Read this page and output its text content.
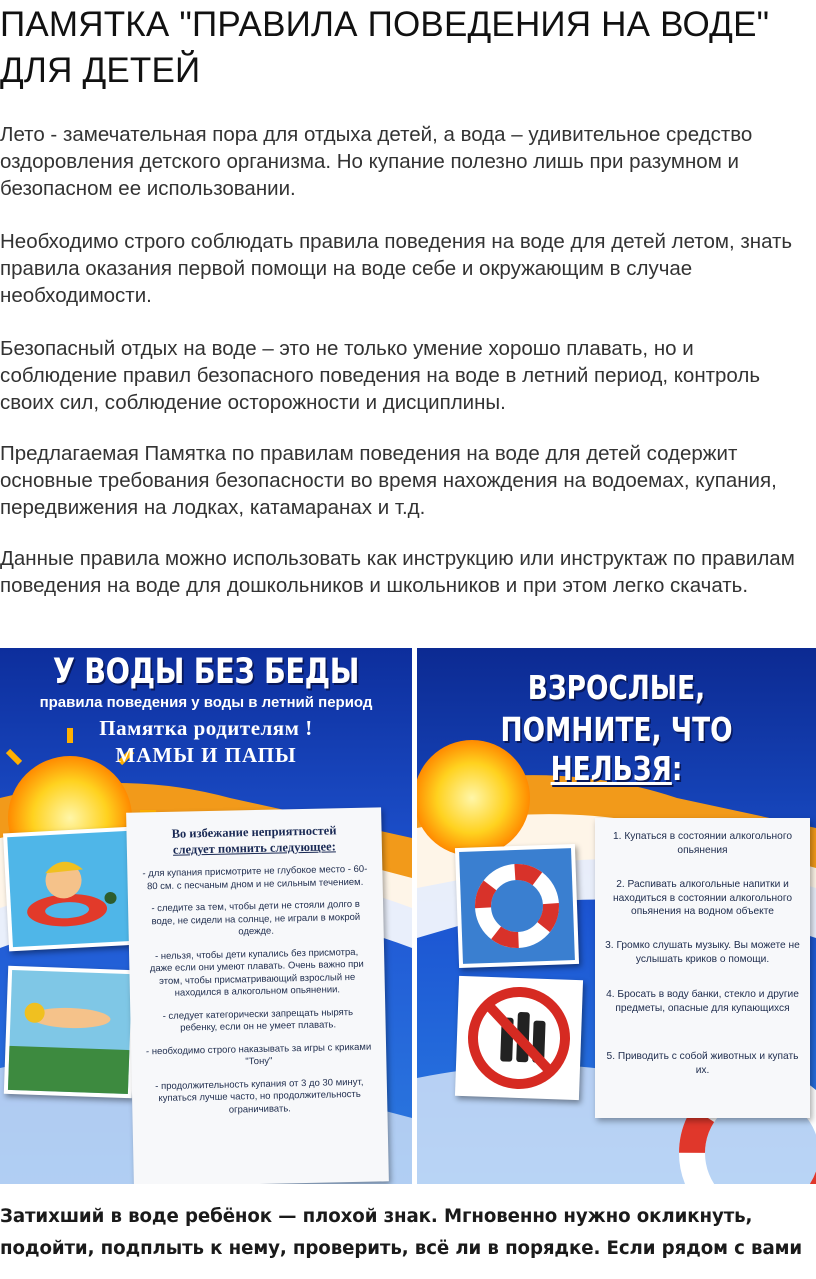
ПАМЯТКА "ПРАВИЛА ПОВЕДЕНИЯ НА ВОДЕ" ДЛЯ ДЕТЕЙ

Лето - замечательная пора для отдыха детей, а вода – удивительное средство оздоровления детского организма. Но купание полезно лишь при разумном и безопасном ее использовании.

Необходимо строго соблюдать правила поведения на воде для детей летом, знать правила оказания первой помощи на воде себе и окружающим в случае необходимости.

Безопасный отдых на воде – это не только умение хорошо плавать, но и соблюдение правил безопасного поведения на воде в летний период, контроль своих сил, соблюдение осторожности и дисциплины.

Предлагаемая Памятка по правилам поведения на воде для детей содержит основные требования безопасности во время нахождения на водоемах, купания, передвижения на лодках, катамаранах и т.д.

Данные правила можно использовать как инструкцию или инструктаж по правилам поведения на воде для дошкольников и школьников и при этом легко скачать.

У ВОДЫ БЕЗ БЕДЫ
правила поведения у воды в летний период
Памятка родителям !
МАМЫ И ПАПЫ
Во избежание неприятностей
следует помнить следующее:
- для купания присмотрите не глубокое место - 60-80 см. с песчаным дном и не сильным течением.
- следите за тем, чтобы дети не стояли долго в воде, не сидели на солнце, не играли в мокрой одежде.
- нельзя, чтобы дети купались без присмотра, даже если они умеют плавать. Очень важно при этом, чтобы присматривающий взрослый не находился в алкогольном опьянении.
- следует категорически запрещать нырять ребенку, если он не умеет плавать.
- необходимо строго наказывать за игры с криками "Тону"
- продолжительность купания от 3 до 30 минут, купаться лучше часто, но продолжительность ограничивать.
ВЗРОСЛЫЕ,
ПОМНИТЕ, ЧТО НЕЛЬЗЯ:
1. Купаться в состоянии алкогольного опьянения
2. Распивать алкогольные напитки и находиться в состоянии алкогольного опьянения на водном объекте
3. Громко слушать музыку. Вы можете не услышать криков о помощи.
4. Бросать в воду банки, стекло и другие предметы, опасные для купающихся
5. Приводить с собой животных и купать их.

Затихший в воде ребёнок — плохой знак. Мгновенно нужно окликнуть, подойти, подплыть к нему, проверить, всё ли в порядке. Если рядом с вами
